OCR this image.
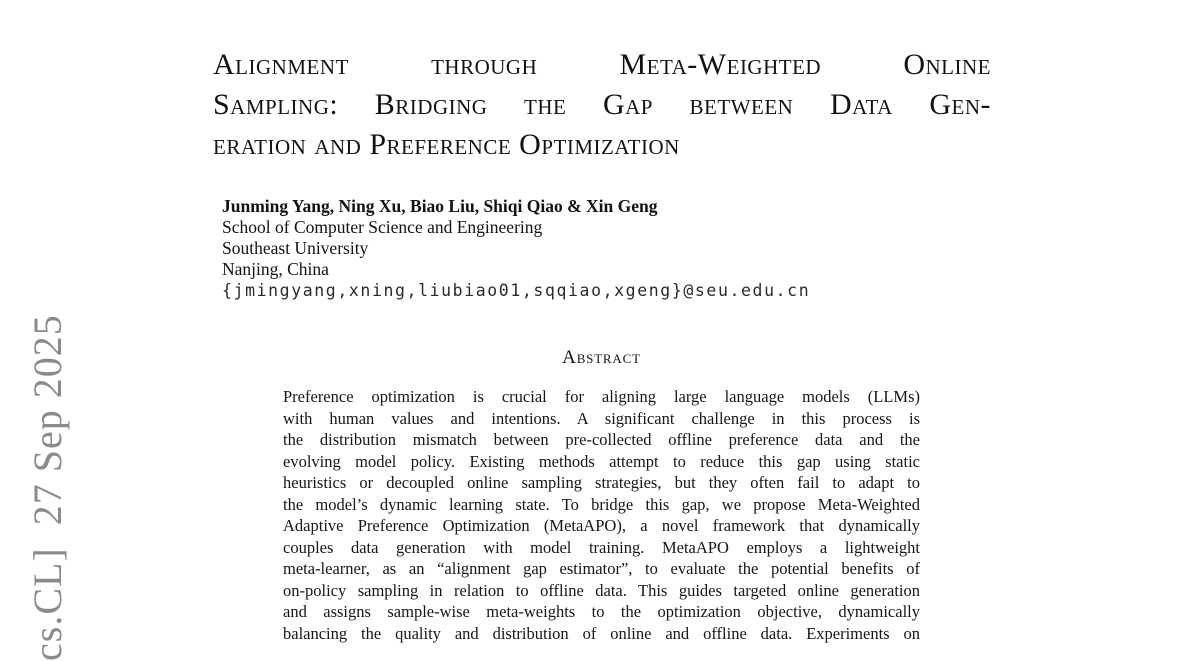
cs.CL]  27 Sep 2025
Alignment through Meta-Weighted Online
Sampling: Bridging the Gap between Data Gen-
eration and Preference Optimization
Junming Yang, Ning Xu, Biao Liu, Shiqi Qiao & Xin Geng
School of Computer Science and Engineering
Southeast University
Nanjing, China
{jmingyang,xning,liubiao01,sqqiao,xgeng}@seu.edu.cn
Abstract
Preference optimization is crucial for aligning large language models (LLMs)
with human values and intentions. A significant challenge in this process is
the distribution mismatch between pre-collected offline preference data and the
evolving model policy. Existing methods attempt to reduce this gap using static
heuristics or decoupled online sampling strategies, but they often fail to adapt to
the model’s dynamic learning state. To bridge this gap, we propose Meta-Weighted
Adaptive Preference Optimization (MetaAPO), a novel framework that dynamically
couples data generation with model training. MetaAPO employs a lightweight
meta-learner, as an “alignment gap estimator”, to evaluate the potential benefits of
on-policy sampling in relation to offline data. This guides targeted online generation
and assigns sample-wise meta-weights to the optimization objective, dynamically
balancing the quality and distribution of online and offline data. Experiments on
